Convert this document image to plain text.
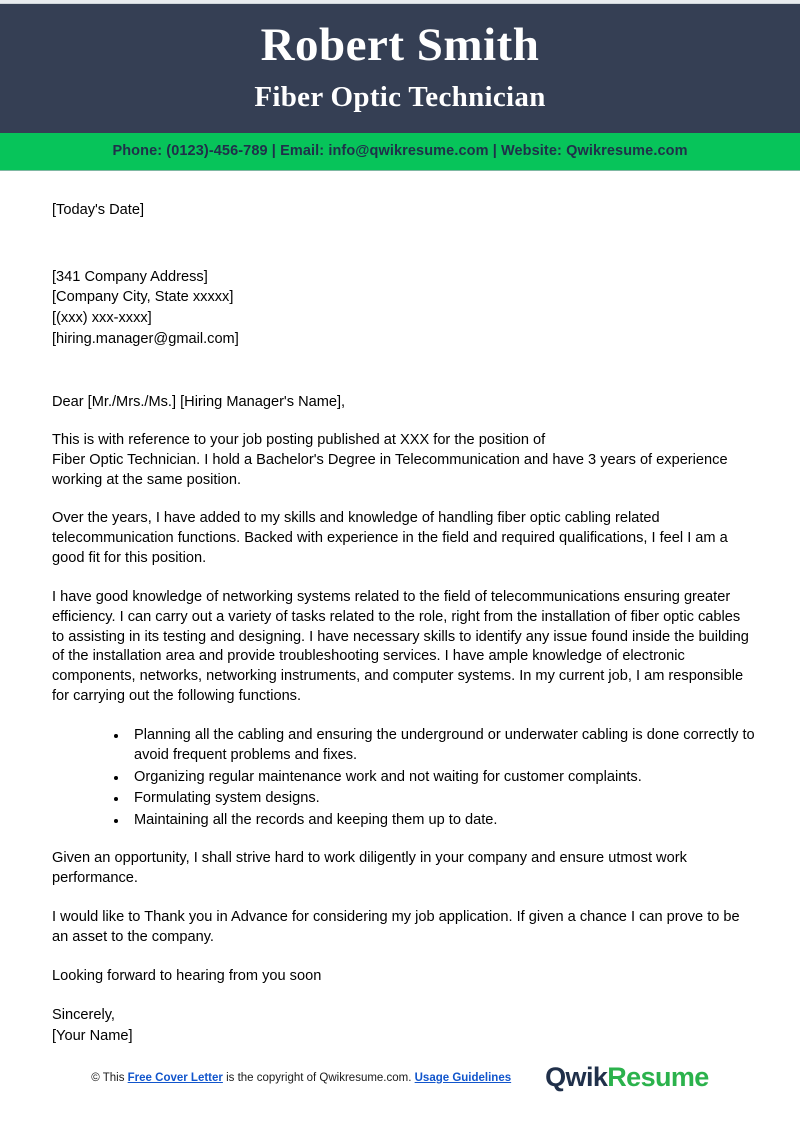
Robert Smith
Fiber Optic Technician
Phone: (0123)-456-789 | Email: info@qwikresume.com | Website: Qwikresume.com
[Today's Date]
[341 Company Address]
[Company City, State xxxxx]
[(xxx) xxx-xxxx]
[hiring.manager@gmail.com]
Dear [Mr./Mrs./Ms.] [Hiring Manager's Name],

This is with reference to your job posting published at XXX for the position of
Fiber Optic Technician. I hold a Bachelor's Degree in Telecommunication and have 3 years of experience working at the same position.

Over the years, I have added to my skills and knowledge of handling fiber optic cabling related telecommunication functions. Backed with experience in the field and required qualifications, I feel I am a good fit for this position.

I have good knowledge of networking systems related to the field of telecommunications ensuring greater efficiency. I can carry out a variety of tasks related to the role, right from the installation of fiber optic cables to assisting in its testing and designing. I have necessary skills to identify any issue found inside the building of the installation area and provide troubleshooting services. I have ample knowledge of electronic components, networks, networking instruments, and computer systems. In my current job, I am responsible for carrying out the following functions.

Planning all the cabling and ensuring the underground or underwater cabling is done correctly to avoid frequent problems and fixes.
Organizing regular maintenance work and not waiting for customer complaints.
Formulating system designs.
Maintaining all the records and keeping them up to date.

Given an opportunity, I shall strive hard to work diligently in your company and ensure utmost work performance.

I would like to Thank you in Advance for considering my job application. If given a chance I can prove to be an asset to the company.

Looking forward to hearing from you soon
Sincerely,
[Your Name]
© This Free Cover Letter is the copyright of Qwikresume.com. Usage Guidelines QwikResume
